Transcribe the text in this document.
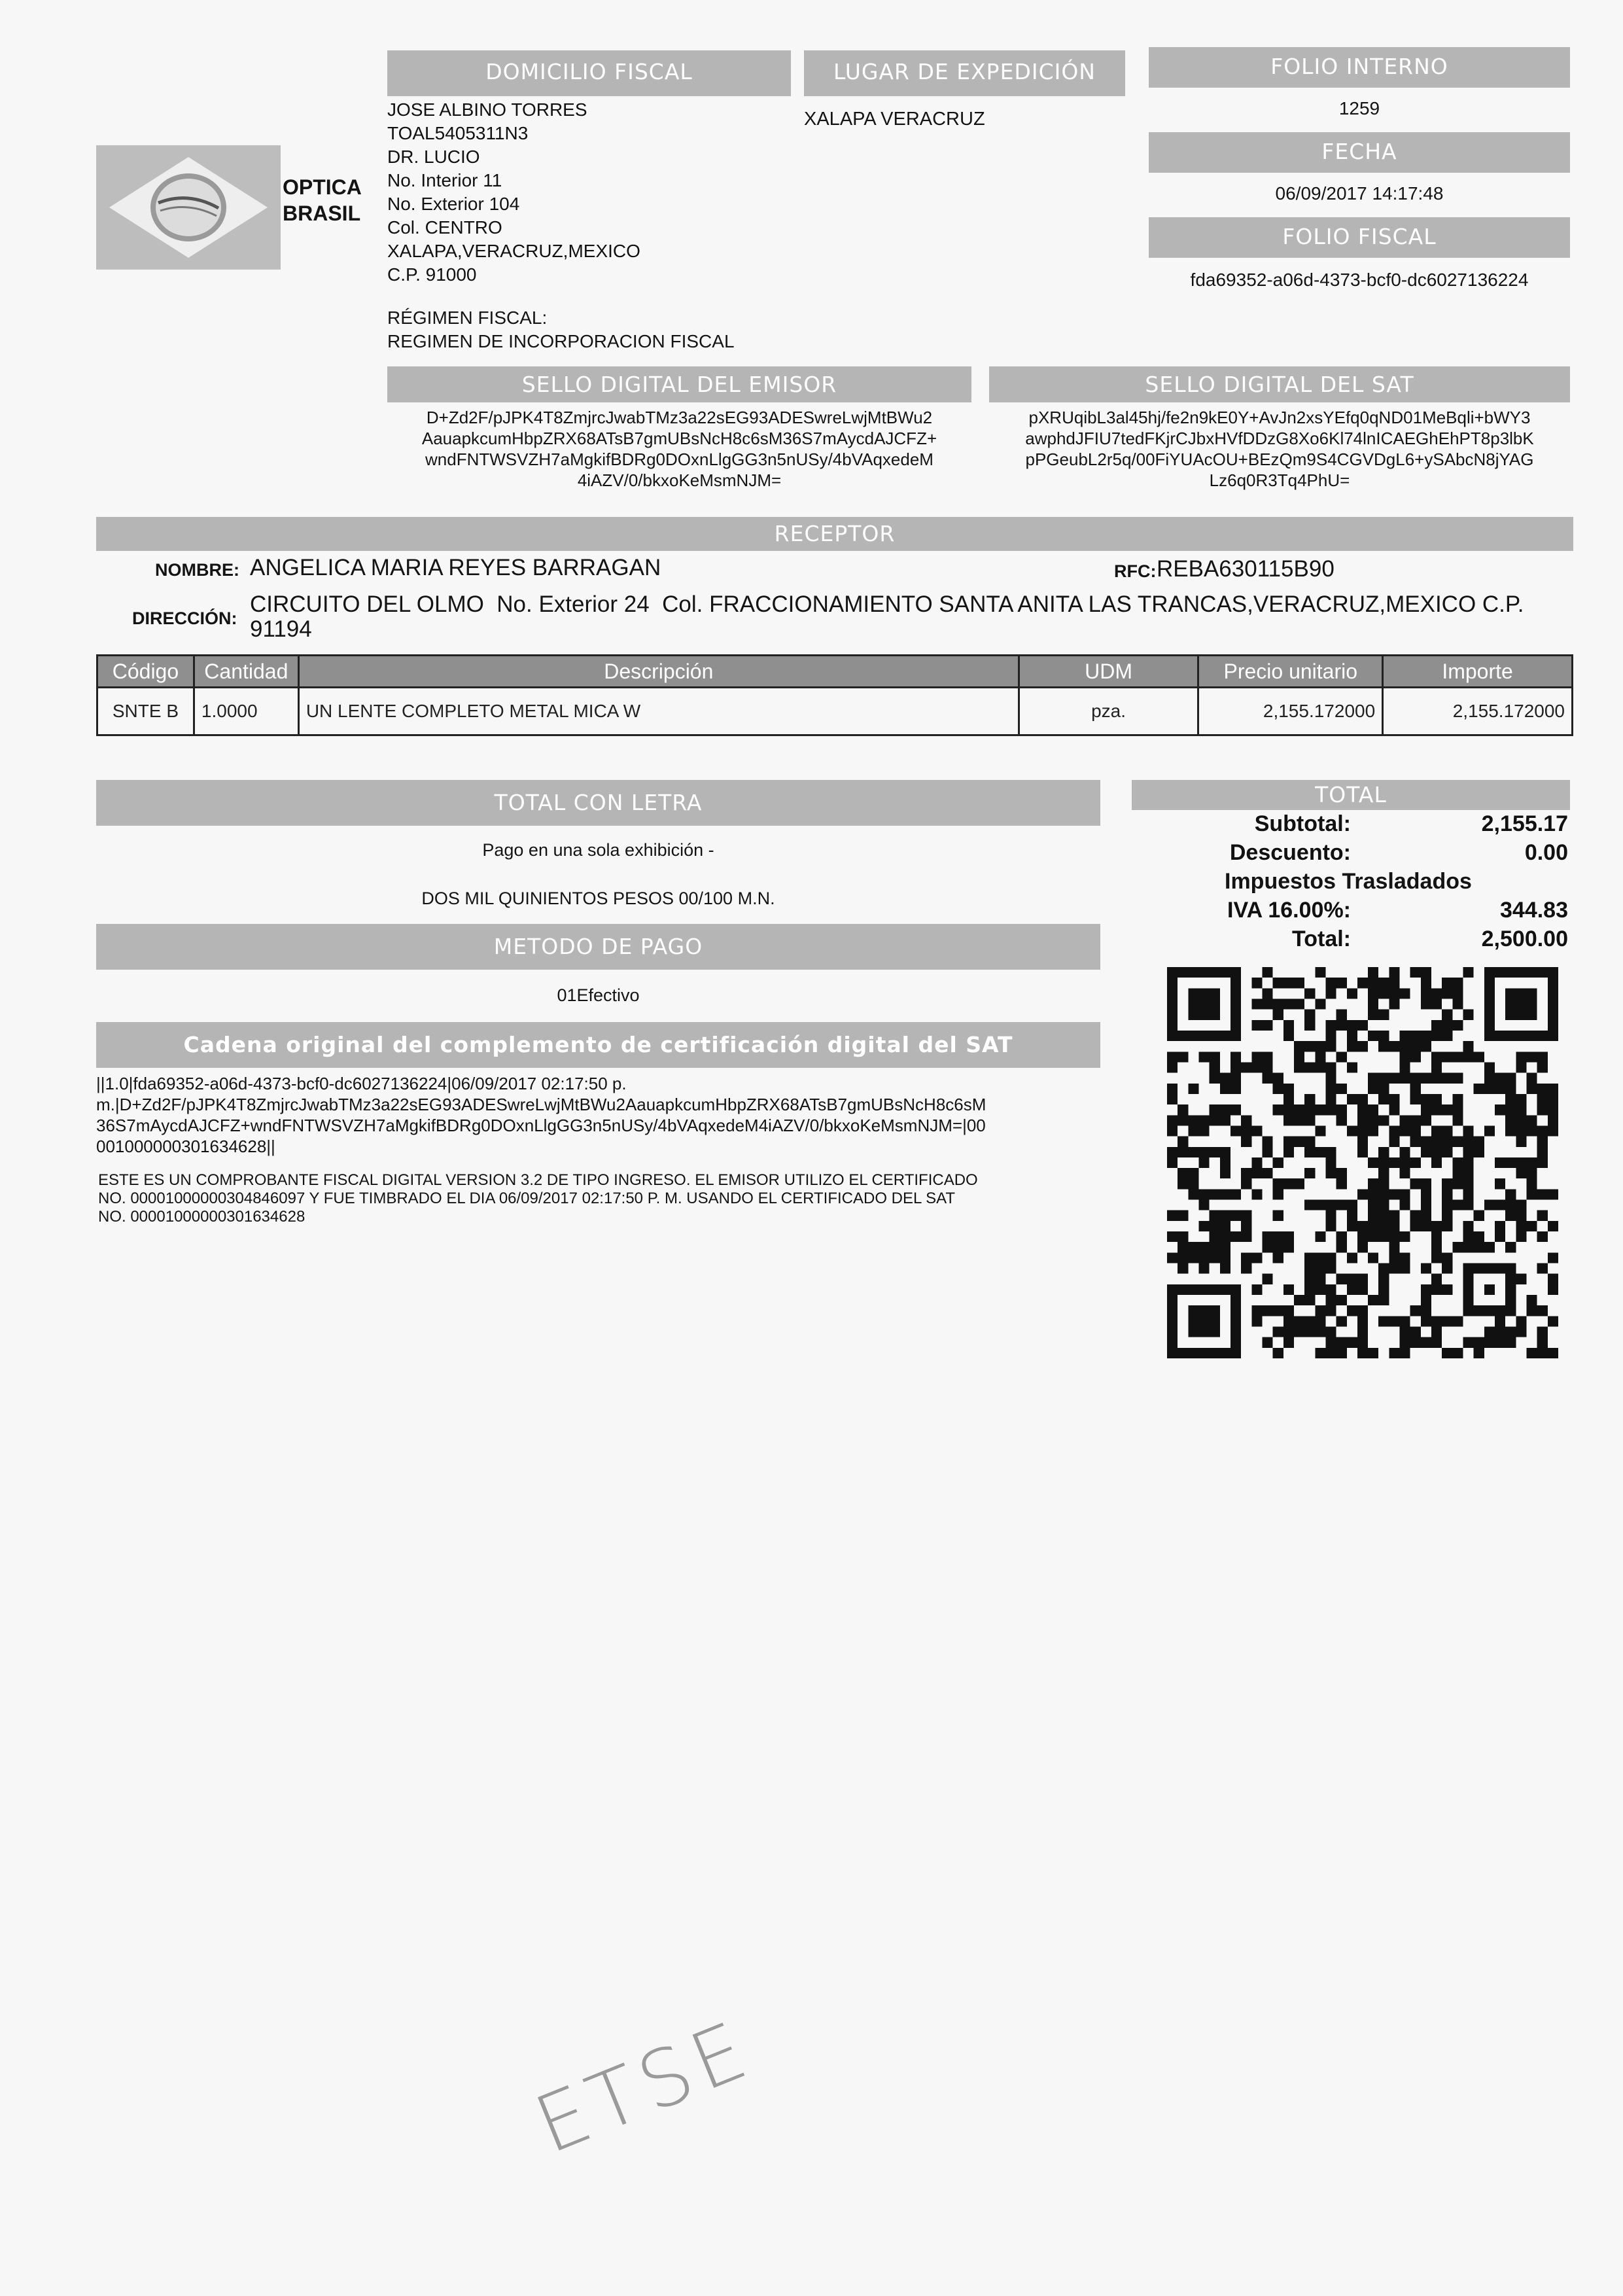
OPTICA
BRASIL
DOMICILIO FISCAL
JOSE ALBINO TORRES
TOAL5405311N3
DR. LUCIO
No. Interior 11
No. Exterior 104
Col. CENTRO
XALAPA,VERACRUZ,MEXICO
C.P. 91000
RÉGIMEN FISCAL:
REGIMEN DE INCORPORACION FISCAL
LUGAR DE EXPEDICIÓN
XALAPA VERACRUZ
FOLIO INTERNO
1259
FECHA
06/09/2017 14:17:48
FOLIO FISCAL
fda69352-a06d-4373-bcf0-dc6027136224
SELLO DIGITAL DEL EMISOR
D+Zd2F/pJPK4T8ZmjrcJwabTMz3a22sEG93ADESwreLwjMtBWu2
AauapkcumHbpZRX68ATsB7gmUBsNcH8c6sM36S7mAycdAJCFZ+
wndFNTWSVZH7aMgkifBDRg0DOxnLlgGG3n5nUSy/4bVAqxedeM
4iAZV/0/bkxoKeMsmNJM=
SELLO DIGITAL DEL SAT
pXRUqibL3al45hj/fe2n9kE0Y+AvJn2xsYEfq0qND01MeBqli+bWY3
awphdJFIU7tedFKjrCJbxHVfDDzG8Xo6Kl74lnICAEGhEhPT8p3lbK
pPGeubL2r5q/00FiYUAcOU+BEzQm9S4CGVDgL6+ySAbcN8jYAG
Lz6q0R3Tq4PhU=
RECEPTOR
NOMBRE: ANGELICA MARIA REYES BARRAGAN	RFC: REBA630115B90
DIRECCIÓN:
CIRCUITO DEL OLMO  No. Exterior 24  Col. FRACCIONAMIENTO SANTA ANITA LAS TRANCAS,VERACRUZ,MEXICO C.P.
91194
Código	Cantidad	Descripción	UDM	Precio unitario	Importe
SNTE B	1.0000	UN LENTE COMPLETO METAL MICA W	pza.	2,155.172000	2,155.172000
TOTAL CON LETRA
Pago en una sola exhibición -
DOS MIL QUINIENTOS PESOS 00/100 M.N.
METODO DE PAGO
01Efectivo
Cadena original del complemento de certificación digital del SAT
||1.0|fda69352-a06d-4373-bcf0-dc6027136224|06/09/2017 02:17:50 p.
m.|D+Zd2F/pJPK4T8ZmjrcJwabTMz3a22sEG93ADESwreLwjMtBWu2AauapkcumHbpZRX68ATsB7gmUBsNcH8c6sM
36S7mAycdAJCFZ+wndFNTWSVZH7aMgkifBDRg0DOxnLlgGG3n5nUSy/4bVAqxedeM4iAZV/0/bkxoKeMsmNJM=|00
001000000301634628||
ESTE ES UN COMPROBANTE FISCAL DIGITAL VERSION 3.2 DE TIPO INGRESO. EL EMISOR UTILIZO EL CERTIFICADO
NO. 00001000000304846097 Y FUE TIMBRADO EL DIA 06/09/2017 02:17:50 P. M. USANDO EL CERTIFICADO DEL SAT
NO. 00001000000301634628
TOTAL
Subtotal:	2,155.17
Descuento:	0.00
Impuestos Trasladados
IVA 16.00%:	344.83
Total:	2,500.00
ETSE
